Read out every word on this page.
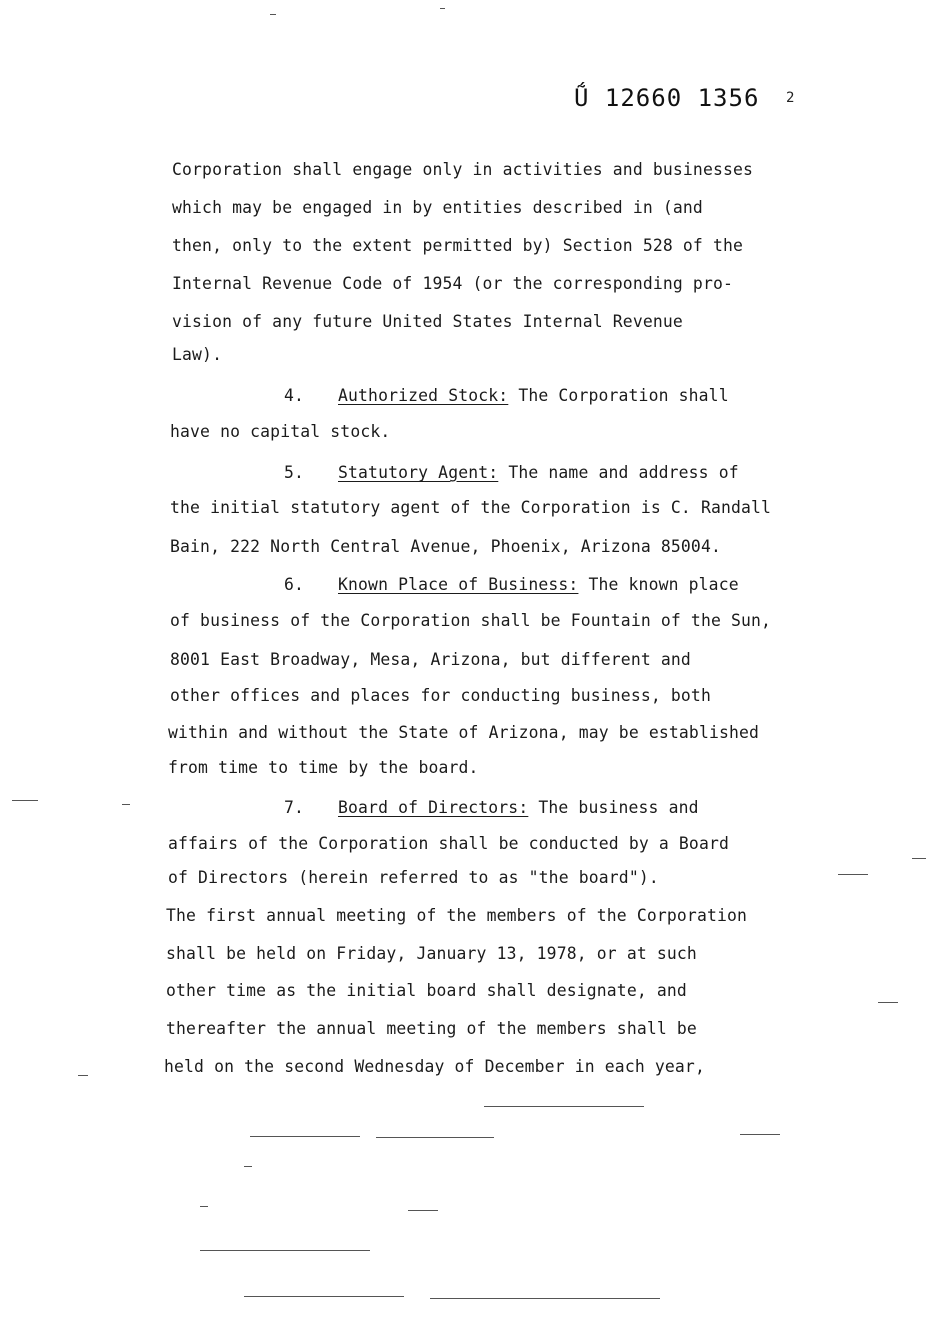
Ṹ 12660 1356 2
Corporation shall engage only in activities and businesses
which may be engaged in by entities described in (and
then, only to the extent permitted by) Section 528 of the
Internal Revenue Code of 1954 (or the corresponding pro-
vision of any future United States Internal Revenue
Law).
4. Authorized Stock: The Corporation shall
have no capital stock.
5. Statutory Agent: The name and address of
the initial statutory agent of the Corporation is C. Randall
Bain, 222 North Central Avenue, Phoenix, Arizona 85004.
6. Known Place of Business: The known place
of business of the Corporation shall be Fountain of the Sun,
8001 East Broadway, Mesa, Arizona, but different and
other offices and places for conducting business, both
within and without the State of Arizona, may be established
from time to time by the board.
7. Board of Directors: The business and
affairs of the Corporation shall be conducted by a Board
of Directors (herein referred to as "the board").
The first annual meeting of the members of the Corporation
shall be held on Friday, January 13, 1978, or at such
other time as the initial board shall designate, and
thereafter the annual meeting of the members shall be
held on the second Wednesday of December in each year,
